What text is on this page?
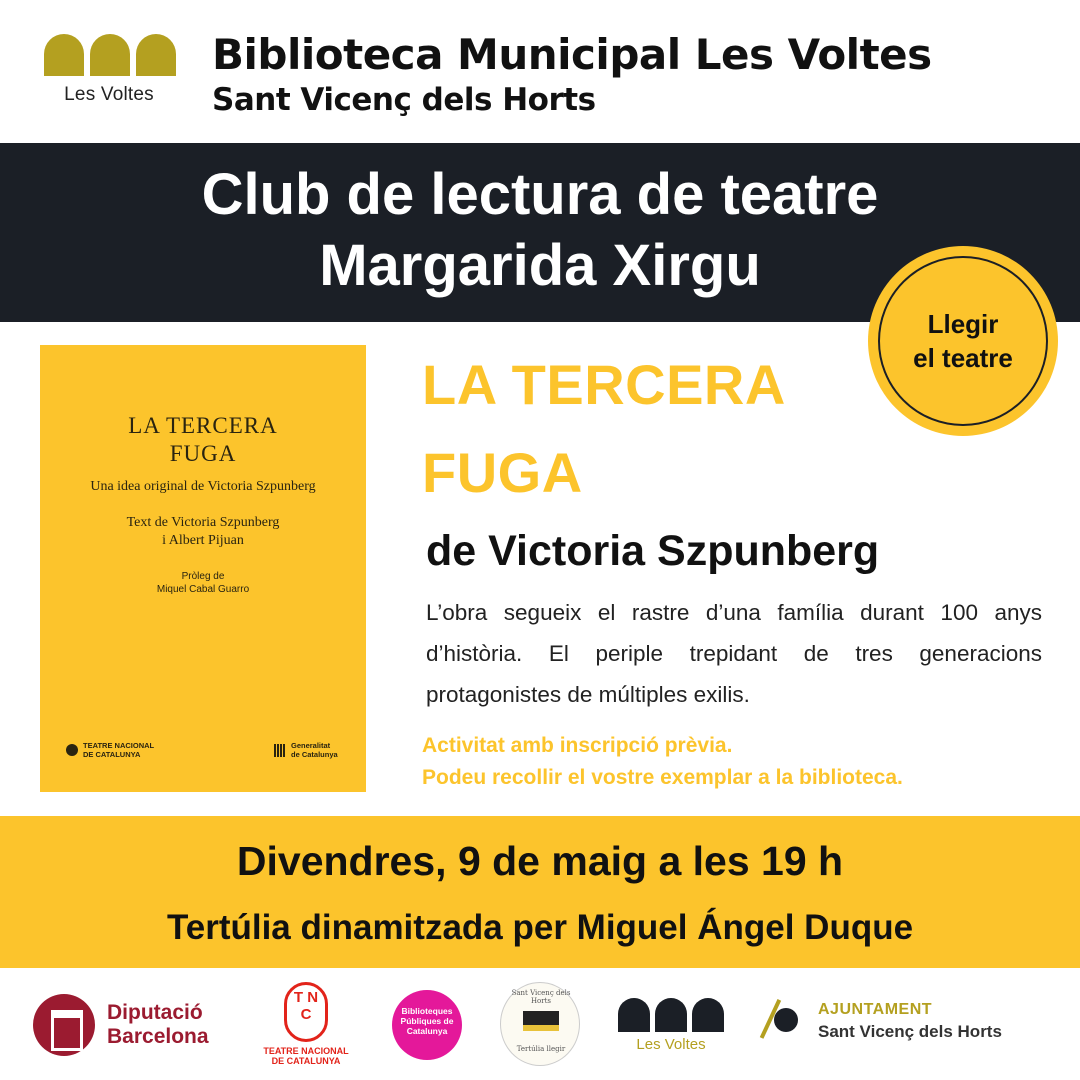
Les Voltes
Biblioteca Municipal Les Voltes
Sant Vicenç dels Horts
Club de lectura de teatre
Margarida Xirgu
Llegir
el teatre
LA TERCERA
FUGA
Una idea original de Victoria Szpunberg
Text de Victoria Szpunberg
i Albert Pijuan
Pròleg de
Miquel Cabal Guarro
TEATRE NACIONAL
DE CATALUNYA
Generalitat
de Catalunya
LA TERCERA
FUGA
de Victoria Szpunberg
L’obra segueix el rastre d’una família durant 100 anys d’història. El periple trepidant de tres generacions protagonistes de múltiples exilis.
Activitat amb inscripció prèvia.
Podeu recollir el vostre exemplar a la biblioteca.
Divendres, 9 de maig a les 19 h
Tertúlia dinamitzada per Miguel Ángel Duque
Diputació
Barcelona
T N C
TEATRE NACIONAL
DE CATALUNYA
Biblioteques Públiques de Catalunya
Sant Vicenç dels Horts
Tertúlia llegir	Les Voltes
AJUNTAMENT
Sant Vicenç dels Horts
